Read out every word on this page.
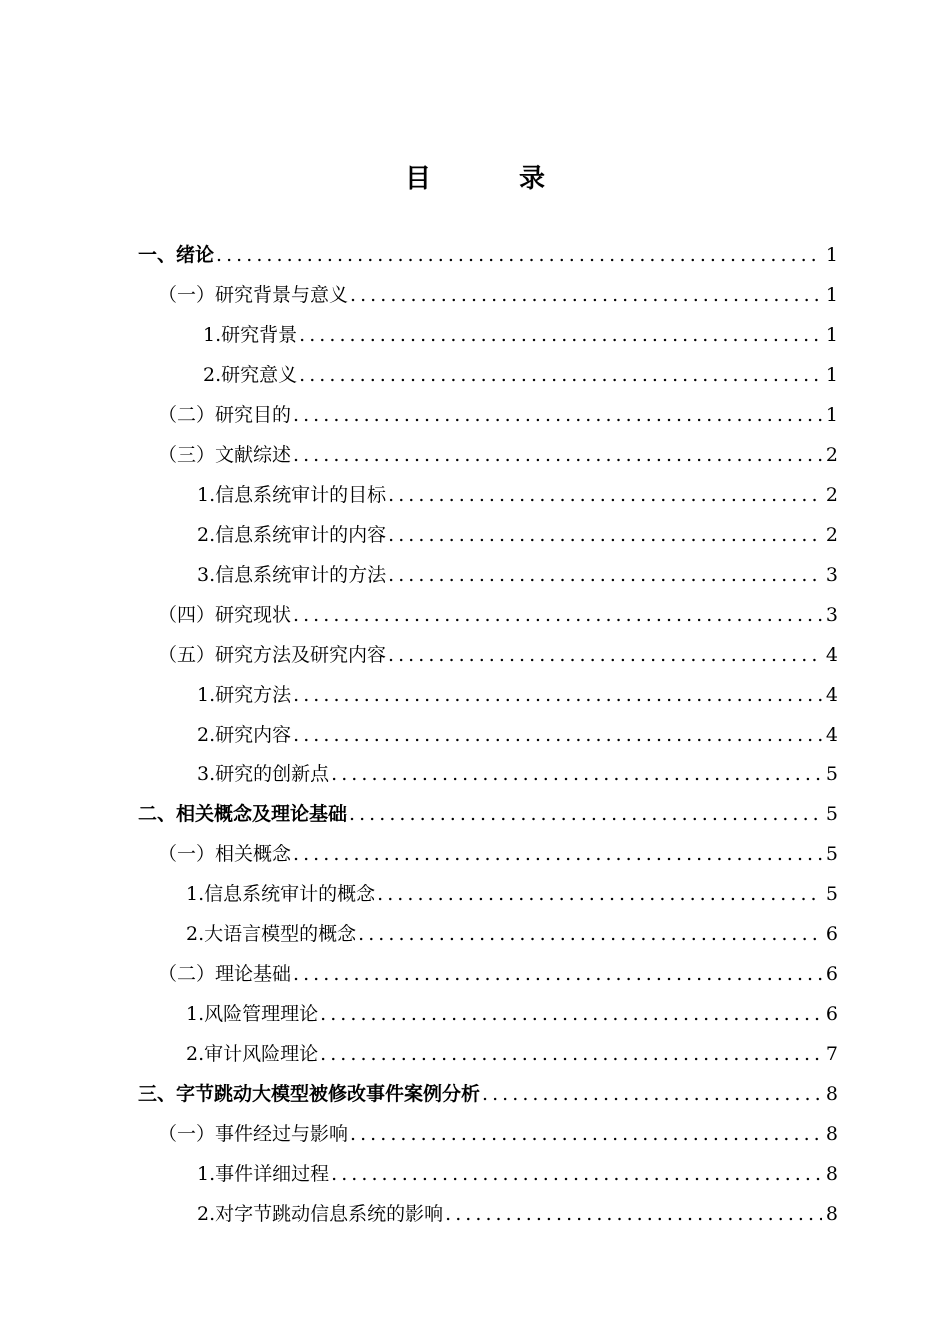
目	录
一、绪论 . . .	1
（一）研究背景与意义 . . .	1
1.研究背景 . . .	1
2.研究意义 . . .	1
（二）研究目的 . . .	1
（三）文献综述 . . .	2
1.信息系统审计的目标 . . .	2
2.信息系统审计的内容 . . .	2
3.信息系统审计的方法 . . .	3
（四）研究现状 . . .	3
（五）研究方法及研究内容 . . .	4
1.研究方法 . . .	4
2.研究内容 . . .	4
3.研究的创新点 . . .	5
二、相关概念及理论基础 . . .	5
（一）相关概念 . . .	5
1.信息系统审计的概念 . . .	5
2.大语言模型的概念 . . .	6
（二）理论基础 . . .	6
1.风险管理理论 . . .	6
2.审计风险理论 . . .	7
三、字节跳动大模型被修改事件案例分析 . . .	8
（一）事件经过与影响 . . .	8
1.事件详细过程 . . .	8
2.对字节跳动信息系统的影响 . . .	8
